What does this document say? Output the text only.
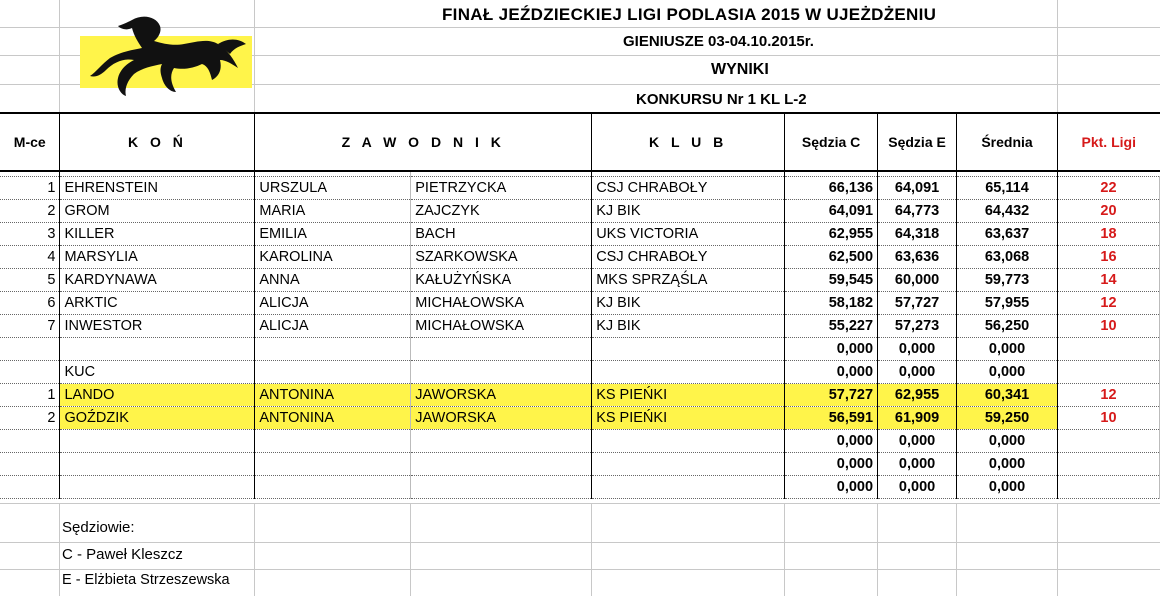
FINAŁ JEŹDZIECKIEJ LIGI PODLASIA 2015 W UJEŻDŻENIU
GIENIUSZE 03-04.10.2015r.
WYNIKI
KONKURSU Nr 1 KL L-2
M-ce	K O Ń	Z A W O D N I K		K L U B	Sędzia C	Sędzia E	Średnia	Pkt. Ligi

1	EHRENSTEIN	URSZULA	PIETRZYCKA	CSJ CHRABOŁY	66,136	64,091	65,114	22
2	GROM	MARIA	ZAJCZYK	KJ BIK	64,091	64,773	64,432	20
3	KILLER	EMILIA	BACH	UKS VICTORIA	62,955	64,318	63,637	18
4	MARSYLIA	KAROLINA	SZARKOWSKA	CSJ CHRABOŁY	62,500	63,636	63,068	16
5	KARDYNAWA	ANNA	KAŁUŻYŃSKA	MKS SPRZĄŚLA	59,545	60,000	59,773	14
6	ARKTIC	ALICJA	MICHAŁOWSKA	KJ BIK	58,182	57,727	57,955	12
7	INWESTOR	ALICJA	MICHAŁOWSKA	KJ BIK	55,227	57,273	56,250	10
					0,000	0,000	0,000	
	KUC				0,000	0,000	0,000	
1	LANDO	ANTONINA	JAWORSKA	KS PIEŃKI	57,727	62,955	60,341	12
2	GOŹDZIK	ANTONINA	JAWORSKA	KS PIEŃKI	56,591	61,909	59,250	10
					0,000	0,000	0,000	
					0,000	0,000	0,000	
					0,000	0,000	0,000	
Sędziowie:
C - Paweł Kleszcz
E - Elżbieta Strzeszewska
